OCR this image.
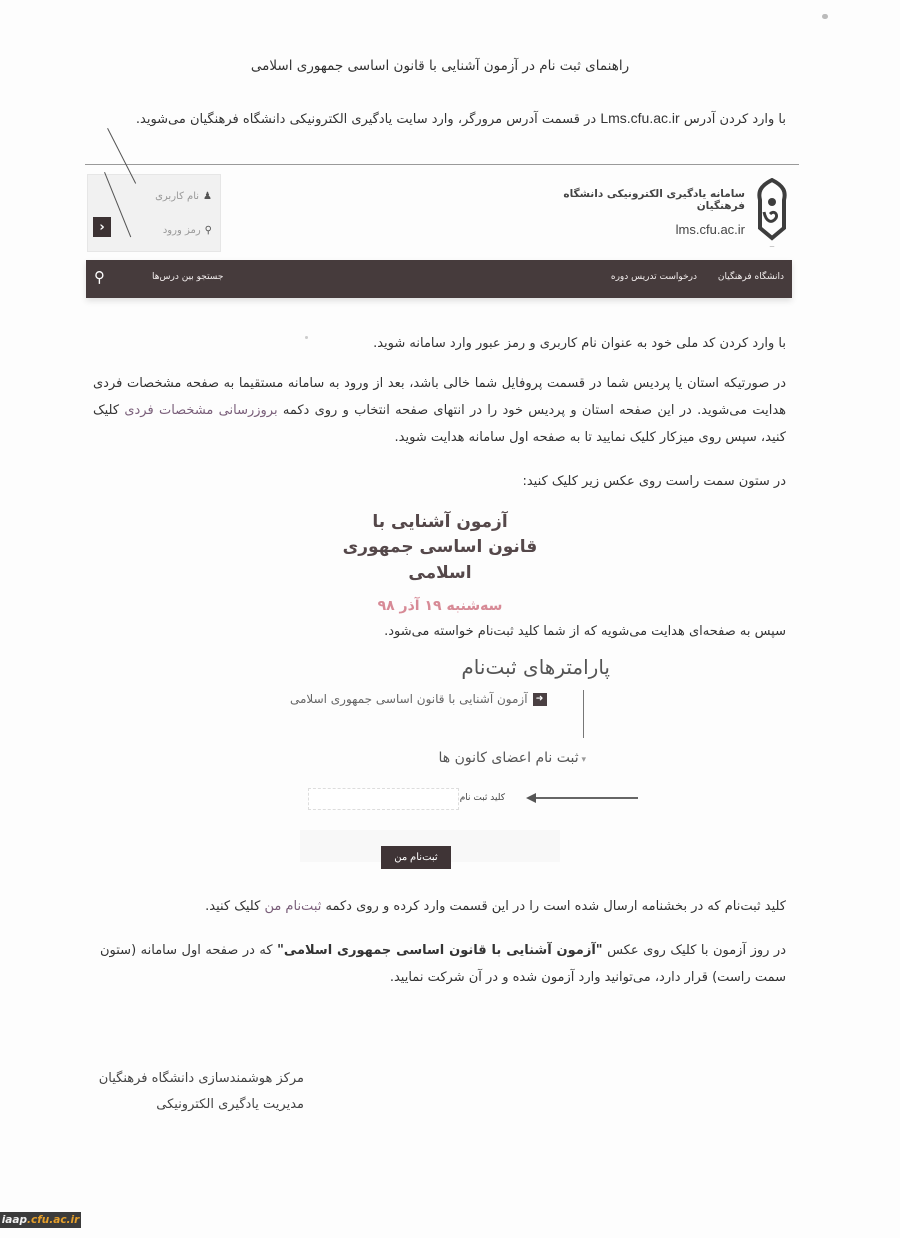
راهنمای ثبت نام در آزمون آشنایی با قانون اساسی جمهوری اسلامی
با وارد کردن آدرس Lms.cfu.ac.ir در قسمت آدرس مرورگر، وارد سایت یادگیری الکترونیکی دانشگاه فرهنگیان می‌شوید.
♟
نام کاربری
⚲
رمز ورود
›
سامانه یادگیری الکترونیکی دانشگاه فرهنگیان
lms.cfu.ac.ir
—
دانشگاه فرهنگیان
درخواست تدریس دوره
جستجو بین درس‌ها
⚲
با وارد کردن کد ملی خود به عنوان نام کاربری و رمز عبور وارد سامانه شوید.
در صورتیکه استان یا پردیس شما در قسمت پروفایل شما خالی باشد، بعد از ورود به سامانه مستقیما به صفحه مشخصات فردی هدایت می‌شوید. در این صفحه استان و پردیس خود را در انتهای صفحه انتخاب و روی دکمه بروزرسانی مشخصات فردی کلیک کنید، سپس روی میزکار کلیک نمایید تا به صفحه اول سامانه هدایت شوید.
در ستون سمت راست روی عکس زیر کلیک کنید:
آزمون آشنایی با
قانون اساسی جمهوری اسلامی
سه‌شنبه ۱۹ آذر ۹۸
سپس به صفحه‌ای هدایت می‌شویه که از شما کلید ثبت‌نام خواسته می‌شود.
پارامترهای ثبت‌نام
➜
آزمون آشنایی با قانون اساسی جمهوری اسلامی
▾ ثبت نام اعضای کانون ها
کلید ثبت نام
ثبت‌نام من
کلید ثبت‌نام که در بخشنامه ارسال شده است را در این قسمت وارد کرده و روی دکمه ثبت‌نام من کلیک کنید.
در روز آزمون با کلیک روی عکس "آزمون آشنایی با قانون اساسی جمهوری اسلامی" که در صفحه اول سامانه (ستون سمت راست) قرار دارد، می‌توانید وارد آزمون شده و در آن شرکت نمایید.
مرکز هوشمندسازی دانشگاه فرهنگیان
مدیریت یادگیری الکترونیکی
iaap .cfu.ac.ir
